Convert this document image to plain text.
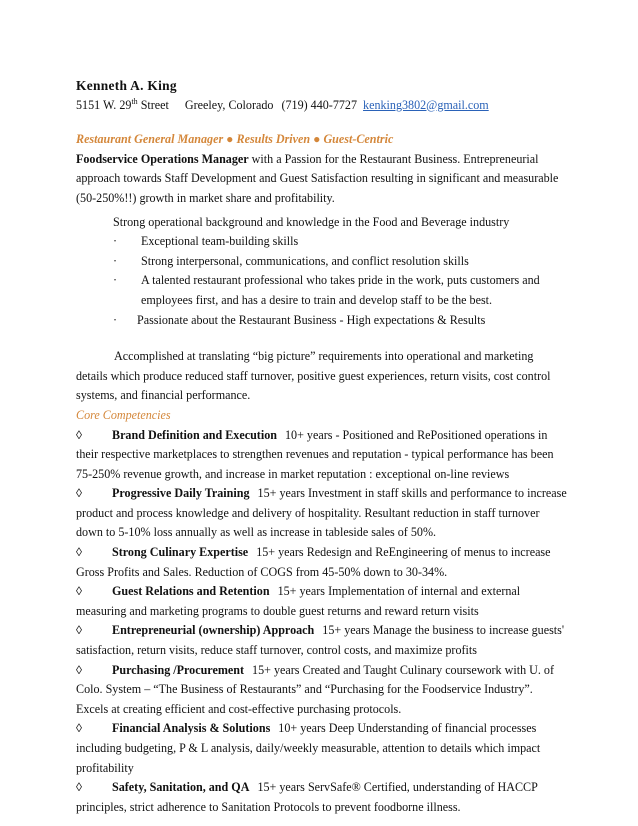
Kenneth A. King
5151 W. 29th Street Greeley, Colorado (719) 440-7727 kenking3802@gmail.com
Restaurant General Manager ● Results Driven ● Guest-Centric
Foodservice Operations Manager with a Passion for the Restaurant Business. Entrepreneurial approach towards Staff Development and Guest Satisfaction resulting in significant and measurable (50-250%!!) growth in market share and profitability.
Strong operational background and knowledge in the Food and Beverage industry
·	Exceptional team-building skills
·	Strong interpersonal, communications, and conflict resolution skills
·	A talented restaurant professional who takes pride in the work, puts customers and employees first, and has a desire to train and develop staff to be the best.
·	Passionate about the Restaurant Business - High expectations & Results
Accomplished at translating “big picture” requirements into operational and marketing details which produce reduced staff turnover, positive guest experiences, return visits, cost control systems, and financial performance.
Core Competencies
◊ Brand Definition and Execution 10+ years - Positioned and RePositioned operations in their respective marketplaces to strengthen revenues and reputation - typical performance has been 75-250% revenue growth, and increase in market reputation : exceptional on-line reviews
◊ Progressive Daily Training 15+ years Investment in staff skills and performance to increase product and process knowledge and delivery of hospitality. Resultant reduction in staff turnover down to 5-10% loss annually as well as increase in tableside sales of 50%.
◊ Strong Culinary Expertise 15+ years Redesign and ReEngineering of menus to increase Gross Profits and Sales. Reduction of COGS from 45-50% down to 30-34%.
◊ Guest Relations and Retention 15+ years Implementation of internal and external measuring and marketing programs to double guest returns and reward return visits
◊ Entrepreneurial (ownership) Approach 15+ years Manage the business to increase guests' satisfaction, return visits, reduce staff turnover, control costs, and maximize profits
◊ Purchasing /Procurement 15+ years Created and Taught Culinary coursework with U. of Colo. System – “The Business of Restaurants” and “Purchasing for the Foodservice Industry”. Excels at creating efficient and cost-effective purchasing protocols.
◊ Financial Analysis & Solutions 10+ years Deep Understanding of financial processes including budgeting, P & L analysis, daily/weekly measurable, attention to details which impact profitability
◊ Safety, Sanitation, and QA 15+ years ServSafe® Certified, understanding of HACCP principles, strict adherence to Sanitation Protocols to prevent foodborne illness.
